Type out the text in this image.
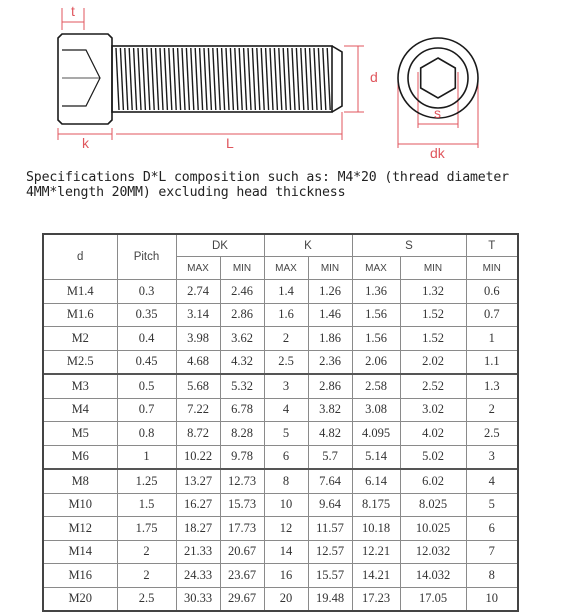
t
k	L
d
s
dk
Specifications D*L composition such as: M4*20 (thread diameter 4MM*length 20MM) excluding head thickness
d	Pitch	DK		K		S		T
		MAX	MIN	MAX	MIN	MAX	MIN	MIN
M1.4	0.3	2.74	2.46	1.4	1.26	1.36	1.32	0.6
M1.6	0.35	3.14	2.86	1.6	1.46	1.56	1.52	0.7
M2	0.4	3.98	3.62	2	1.86	1.56	1.52	1
M2.5	0.45	4.68	4.32	2.5	2.36	2.06	2.02	1.1
M3	0.5	5.68	5.32	3	2.86	2.58	2.52	1.3
M4	0.7	7.22	6.78	4	3.82	3.08	3.02	2
M5	0.8	8.72	8.28	5	4.82	4.095	4.02	2.5
M6	1	10.22	9.78	6	5.7	5.14	5.02	3
M8	1.25	13.27	12.73	8	7.64	6.14	6.02	4
M10	1.5	16.27	15.73	10	9.64	8.175	8.025	5
M12	1.75	18.27	17.73	12	11.57	10.18	10.025	6
M14	2	21.33	20.67	14	12.57	12.21	12.032	7
M16	2	24.33	23.67	16	15.57	14.21	14.032	8
M20	2.5	30.33	29.67	20	19.48	17.23	17.05	10
